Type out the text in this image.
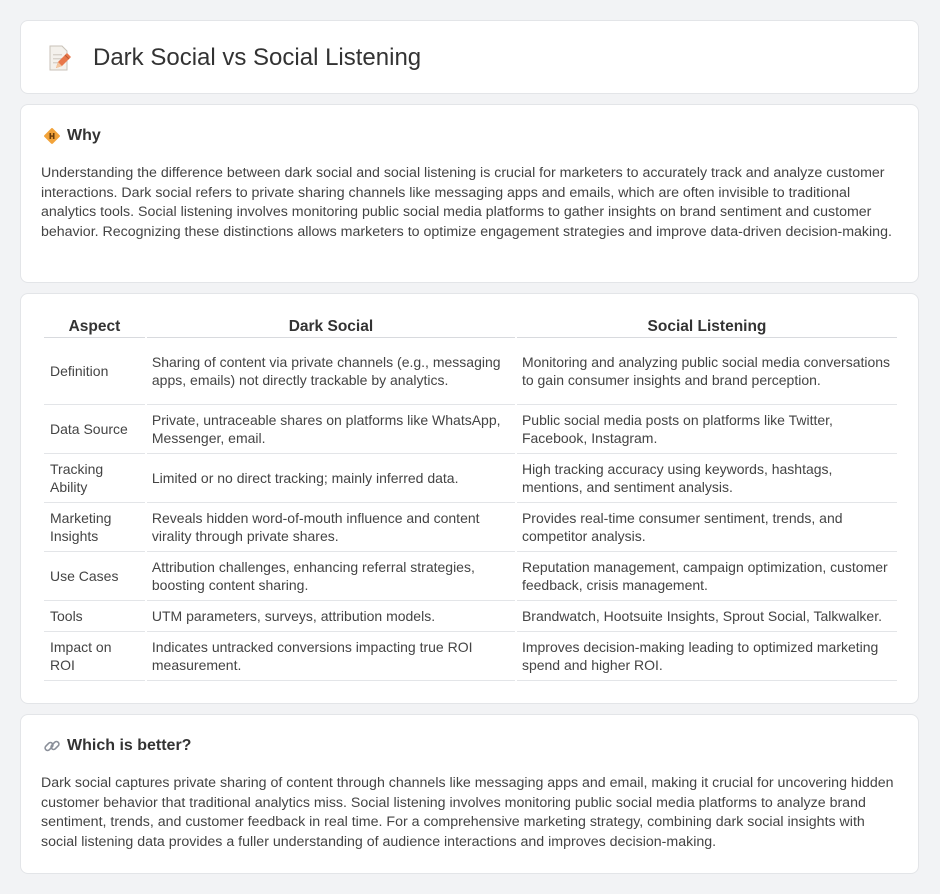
Dark Social vs Social Listening
Why

Understanding the difference between dark social and social listening is crucial for marketers to accurately track and analyze customer interactions. Dark social refers to private sharing channels like messaging apps and emails, which are often invisible to traditional analytics tools. Social listening involves monitoring public social media platforms to gather insights on brand sentiment and customer behavior. Recognizing these distinctions allows marketers to optimize engagement strategies and improve data-driven decision-making.

Aspect	Dark Social	Social Listening
Definition	Sharing of content via private channels (e.g., messaging apps, emails) not directly trackable by analytics.	Monitoring and analyzing public social media conversations to gain consumer insights and brand perception.
Data Source	Private, untraceable shares on platforms like WhatsApp, Messenger, email.	Public social media posts on platforms like Twitter, Facebook, Instagram.
Tracking Ability	Limited or no direct tracking; mainly inferred data.	High tracking accuracy using keywords, hashtags, mentions, and sentiment analysis.
Marketing Insights	Reveals hidden word-of-mouth influence and content virality through private shares.	Provides real-time consumer sentiment, trends, and competitor analysis.
Use Cases	Attribution challenges, enhancing referral strategies, boosting content sharing.	Reputation management, campaign optimization, customer feedback, crisis management.
Tools	UTM parameters, surveys, attribution models.	Brandwatch, Hootsuite Insights, Sprout Social, Talkwalker.
Impact on ROI	Indicates untracked conversions impacting true ROI measurement.	Improves decision-making leading to optimized marketing spend and higher ROI.
Which is better?

Dark social captures private sharing of content through channels like messaging apps and email, making it crucial for uncovering hidden customer behavior that traditional analytics miss. Social listening involves monitoring public social media platforms to analyze brand sentiment, trends, and customer feedback in real time. For a comprehensive marketing strategy, combining dark social insights with social listening data provides a fuller understanding of audience interactions and improves decision-making.
